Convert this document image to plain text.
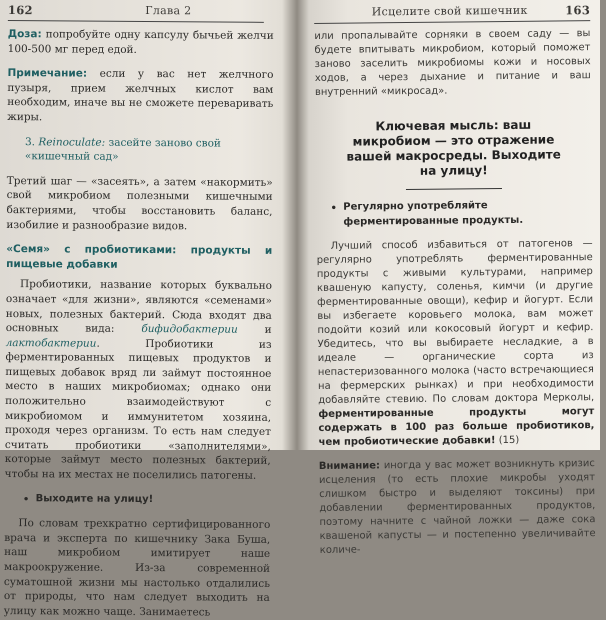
162	Глава 2

Доза: попробуйте одну капсулу бычьей желчи 100-500 мг перед едой.

Примечание: если у вас нет желчного пузыря, прием желчных кислот вам необходим, иначе вы не сможете переваривать жиры.

3. Reinoculate: засейте заново свой «кишечный сад»

Третий шаг — «засеять», а затем «накормить» свой микробиом полезными кишечными бактериями, чтобы восстановить баланс, изобилие и разнообразие видов.

«Семя» с пробиотиками: продукты и пищевые добавки

Пробиотики, название которых буквально означает «для жизни», являются «семенами» новых, полезных бактерий. Сюда входят два основных вида: бифидобактерии и лактобактерии. Пробиотики из ферментированных пищевых продуктов и пищевых добавок вряд ли займут постоянное место в наших микробиомах; однако они положительно взаимодействуют с микробиомом и иммунитетом хозяина, проходя через организм. То есть нам следует считать пробиотики «заполнителями», которые займут место полезных бактерий, чтобы на их местах не поселились патогены.

• Выходите на улицу!

По словам трехкратно сертифицированного врача и эксперта по кишечнику Зака Буша, наш микробиом имитирует наше макроокружение. Из-за современной суматошной жизни мы настолько отдалились от природы, что нам следует выходить на улицу как можно чаще. Занимаетесь

Исцелите свой кишечник	163

или пропалывайте сорняки в своем саду — вы будете впитывать микробиом, который поможет заново заселить микробиомы кожи и носовых ходов, а через дыхание и питание и ваш внутренний «микросад».

Ключевая мысль: ваш микробиом — это отражение вашей макросреды. Выходите на улицу!
• Регулярно употребляйте ферментированные продукты.

Лучший способ избавиться от патогенов — регулярно употреблять ферментированные продукты с живыми культурами, например квашеную капусту, соленья, кимчи (и другие ферментированные овощи), кефир и йогурт. Если вы избегаете коровьего молока, вам может подойти козий или кокосовый йогурт и кефир. Убедитесь, что вы выбираете несладкие, а в идеале — органические сорта из непастеризованного молока (часто встречающиеся на фермерских рынках) и при необходимости добавляйте стевию. По словам доктора Мерколы, ферментированные продукты могут содержать в 100 раз больше пробиотиков, чем пробиотические добавки! (15)

Внимание: иногда у вас может возникнуть кризис исцеления (то есть плохие микробы уходят слишком быстро и выделяют токсины) при добавлении ферментированных продуктов, поэтому начните с чайной ложки — даже сока квашеной капусты — и постепенно увеличивайте количе-
